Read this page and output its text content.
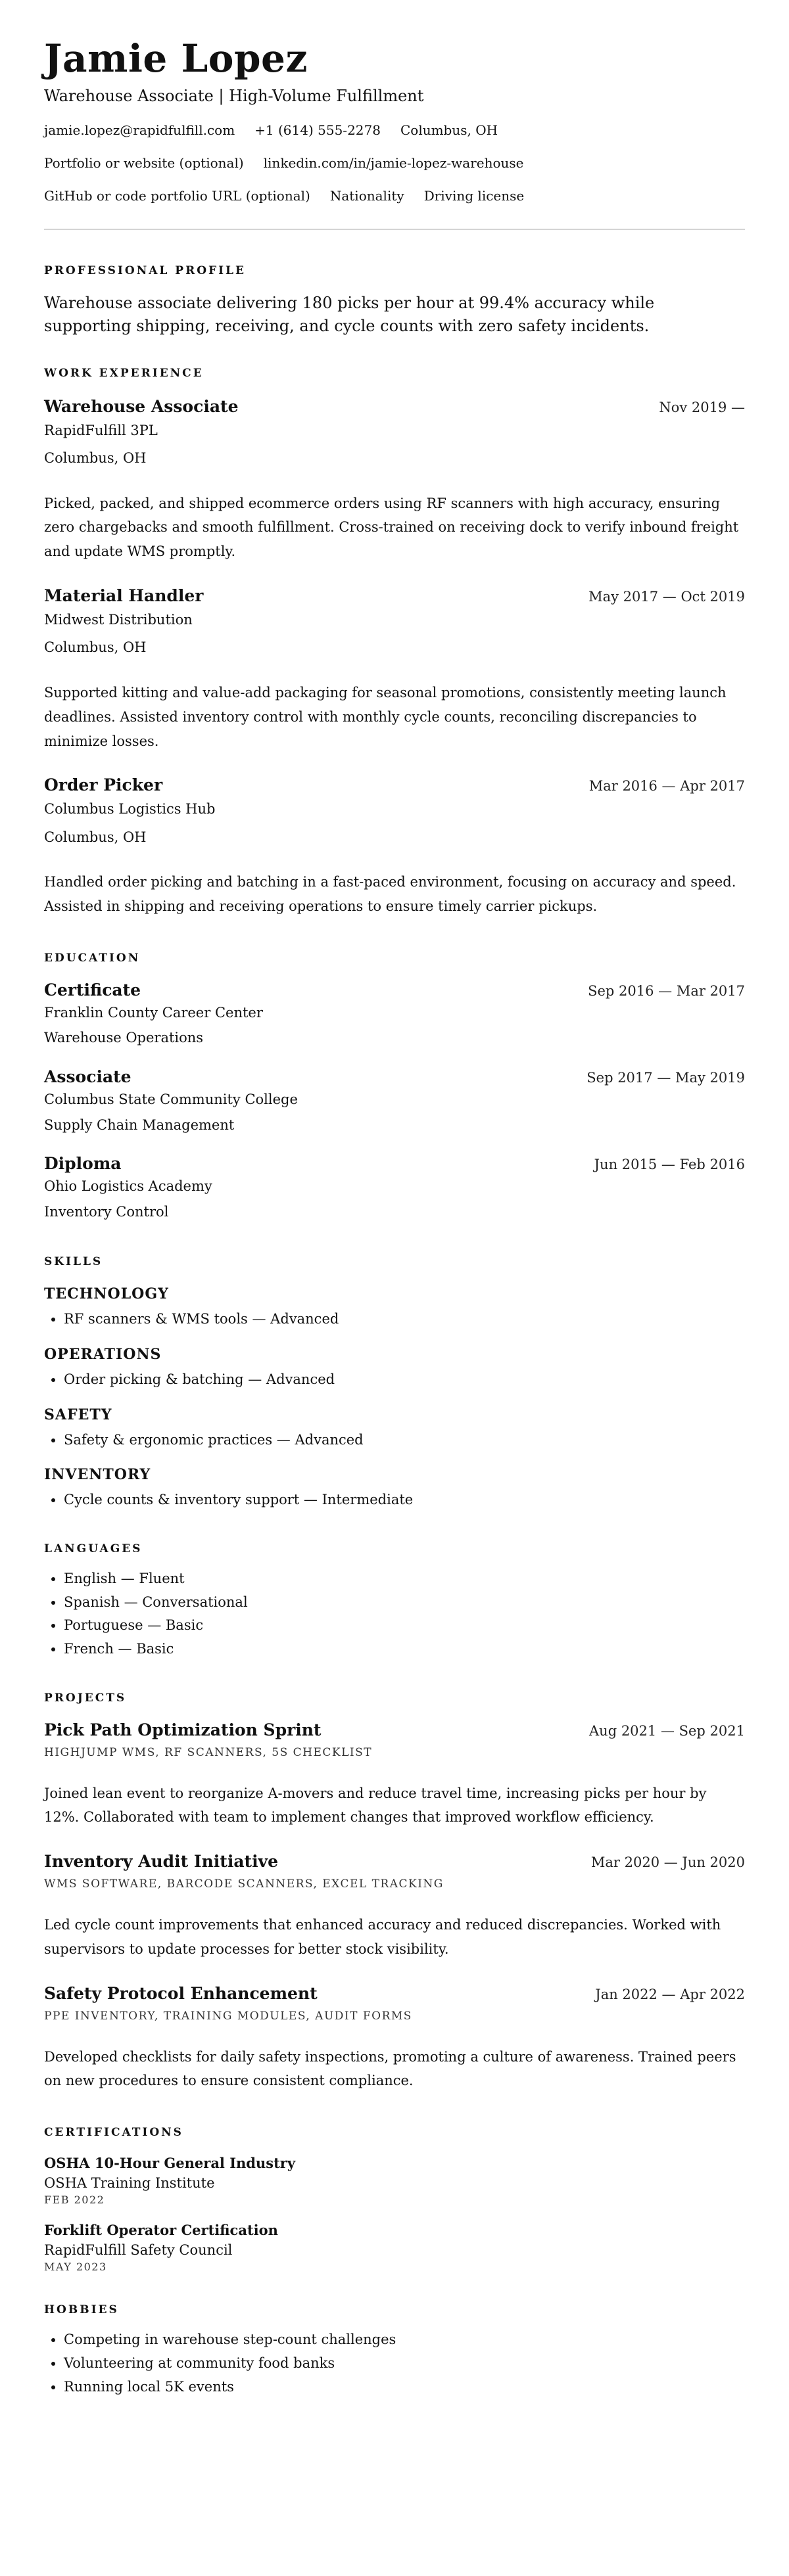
Jamie Lopez
Warehouse Associate | High-Volume Fulfillment
jamie.lopez@rapidfulfill.com +1 (614) 555-2278 Columbus, OH
Portfolio or website (optional) linkedin.com/in/jamie-lopez-warehouse
GitHub or code portfolio URL (optional) Nationality Driving license
PROFESSIONAL PROFILE
Warehouse associate delivering 180 picks per hour at 99.4% accuracy while supporting shipping, receiving, and cycle counts with zero safety incidents.
WORK EXPERIENCE
Warehouse Associate	Nov 2019 —
RapidFulfill 3PL
Columbus, OH
Picked, packed, and shipped ecommerce orders using RF scanners with high accuracy, ensuring zero chargebacks and smooth fulfillment. Cross-trained on receiving dock to verify inbound freight and update WMS promptly.
Material Handler	May 2017 — Oct 2019
Midwest Distribution
Columbus, OH
Supported kitting and value-add packaging for seasonal promotions, consistently meeting launch deadlines. Assisted inventory control with monthly cycle counts, reconciling discrepancies to minimize losses.
Order Picker	Mar 2016 — Apr 2017
Columbus Logistics Hub
Columbus, OH
Handled order picking and batching in a fast-paced environment, focusing on accuracy and speed. Assisted in shipping and receiving operations to ensure timely carrier pickups.
EDUCATION
Certificate	Sep 2016 — Mar 2017
Franklin County Career Center
Warehouse Operations
Associate	Sep 2017 — May 2019
Columbus State Community College
Supply Chain Management
Diploma	Jun 2015 — Feb 2016
Ohio Logistics Academy
Inventory Control
SKILLS
TECHNOLOGY
• RF scanners & WMS tools — Advanced
OPERATIONS
• Order picking & batching — Advanced
SAFETY
• Safety & ergonomic practices — Advanced
INVENTORY
• Cycle counts & inventory support — Intermediate
LANGUAGES
• English — Fluent
• Spanish — Conversational
• Portuguese — Basic
• French — Basic
PROJECTS
Pick Path Optimization Sprint	Aug 2021 — Sep 2021
HIGHJUMP WMS, RF SCANNERS, 5S CHECKLIST
Joined lean event to reorganize A-movers and reduce travel time, increasing picks per hour by 12%. Collaborated with team to implement changes that improved workflow efficiency.
Inventory Audit Initiative	Mar 2020 — Jun 2020
WMS SOFTWARE, BARCODE SCANNERS, EXCEL TRACKING
Led cycle count improvements that enhanced accuracy and reduced discrepancies. Worked with supervisors to update processes for better stock visibility.
Safety Protocol Enhancement	Jan 2022 — Apr 2022
PPE INVENTORY, TRAINING MODULES, AUDIT FORMS
Developed checklists for daily safety inspections, promoting a culture of awareness. Trained peers on new procedures to ensure consistent compliance.
CERTIFICATIONS
OSHA 10-Hour General Industry
OSHA Training Institute
FEB 2022
Forklift Operator Certification
RapidFulfill Safety Council
MAY 2023
HOBBIES
• Competing in warehouse step-count challenges
• Volunteering at community food banks
• Running local 5K events
